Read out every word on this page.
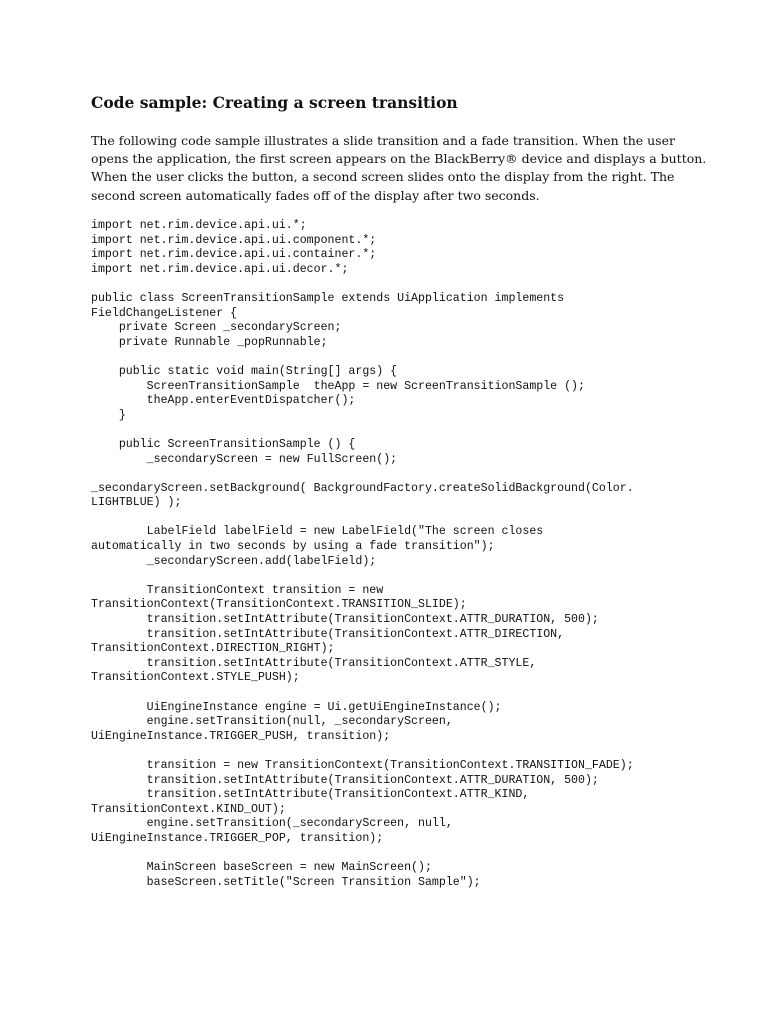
Code sample: Creating a screen transition

The following code sample illustrates a slide transition and a fade transition. When the user
opens the application, the first screen appears on the BlackBerry® device and displays a button.
When the user clicks the button, a second screen slides onto the display from the right. The
second screen automatically fades off of the display after two seconds.

import net.rim.device.api.ui.*;
import net.rim.device.api.ui.component.*;
import net.rim.device.api.ui.container.*;
import net.rim.device.api.ui.decor.*;

public class ScreenTransitionSample extends UiApplication implements
FieldChangeListener {
private Screen _secondaryScreen;
private Runnable _popRunnable;

public static void main(String[] args) {
ScreenTransitionSample  theApp = new ScreenTransitionSample ();
theApp.enterEventDispatcher();
}

public ScreenTransitionSample () {
_secondaryScreen = new FullScreen();

_secondaryScreen.setBackground( BackgroundFactory.createSolidBackground(Color.
LIGHTBLUE) );

LabelField labelField = new LabelField("The screen closes
automatically in two seconds by using a fade transition");
_secondaryScreen.add(labelField);

TransitionContext transition = new
TransitionContext(TransitionContext.TRANSITION_SLIDE);
transition.setIntAttribute(TransitionContext.ATTR_DURATION, 500);
transition.setIntAttribute(TransitionContext.ATTR_DIRECTION,
TransitionContext.DIRECTION_RIGHT);
transition.setIntAttribute(TransitionContext.ATTR_STYLE,
TransitionContext.STYLE_PUSH);

UiEngineInstance engine = Ui.getUiEngineInstance();
engine.setTransition(null, _secondaryScreen,
UiEngineInstance.TRIGGER_PUSH, transition);

transition = new TransitionContext(TransitionContext.TRANSITION_FADE);
transition.setIntAttribute(TransitionContext.ATTR_DURATION, 500);
transition.setIntAttribute(TransitionContext.ATTR_KIND,
TransitionContext.KIND_OUT);
engine.setTransition(_secondaryScreen, null,
UiEngineInstance.TRIGGER_POP, transition);

MainScreen baseScreen = new MainScreen();
baseScreen.setTitle("Screen Transition Sample");
